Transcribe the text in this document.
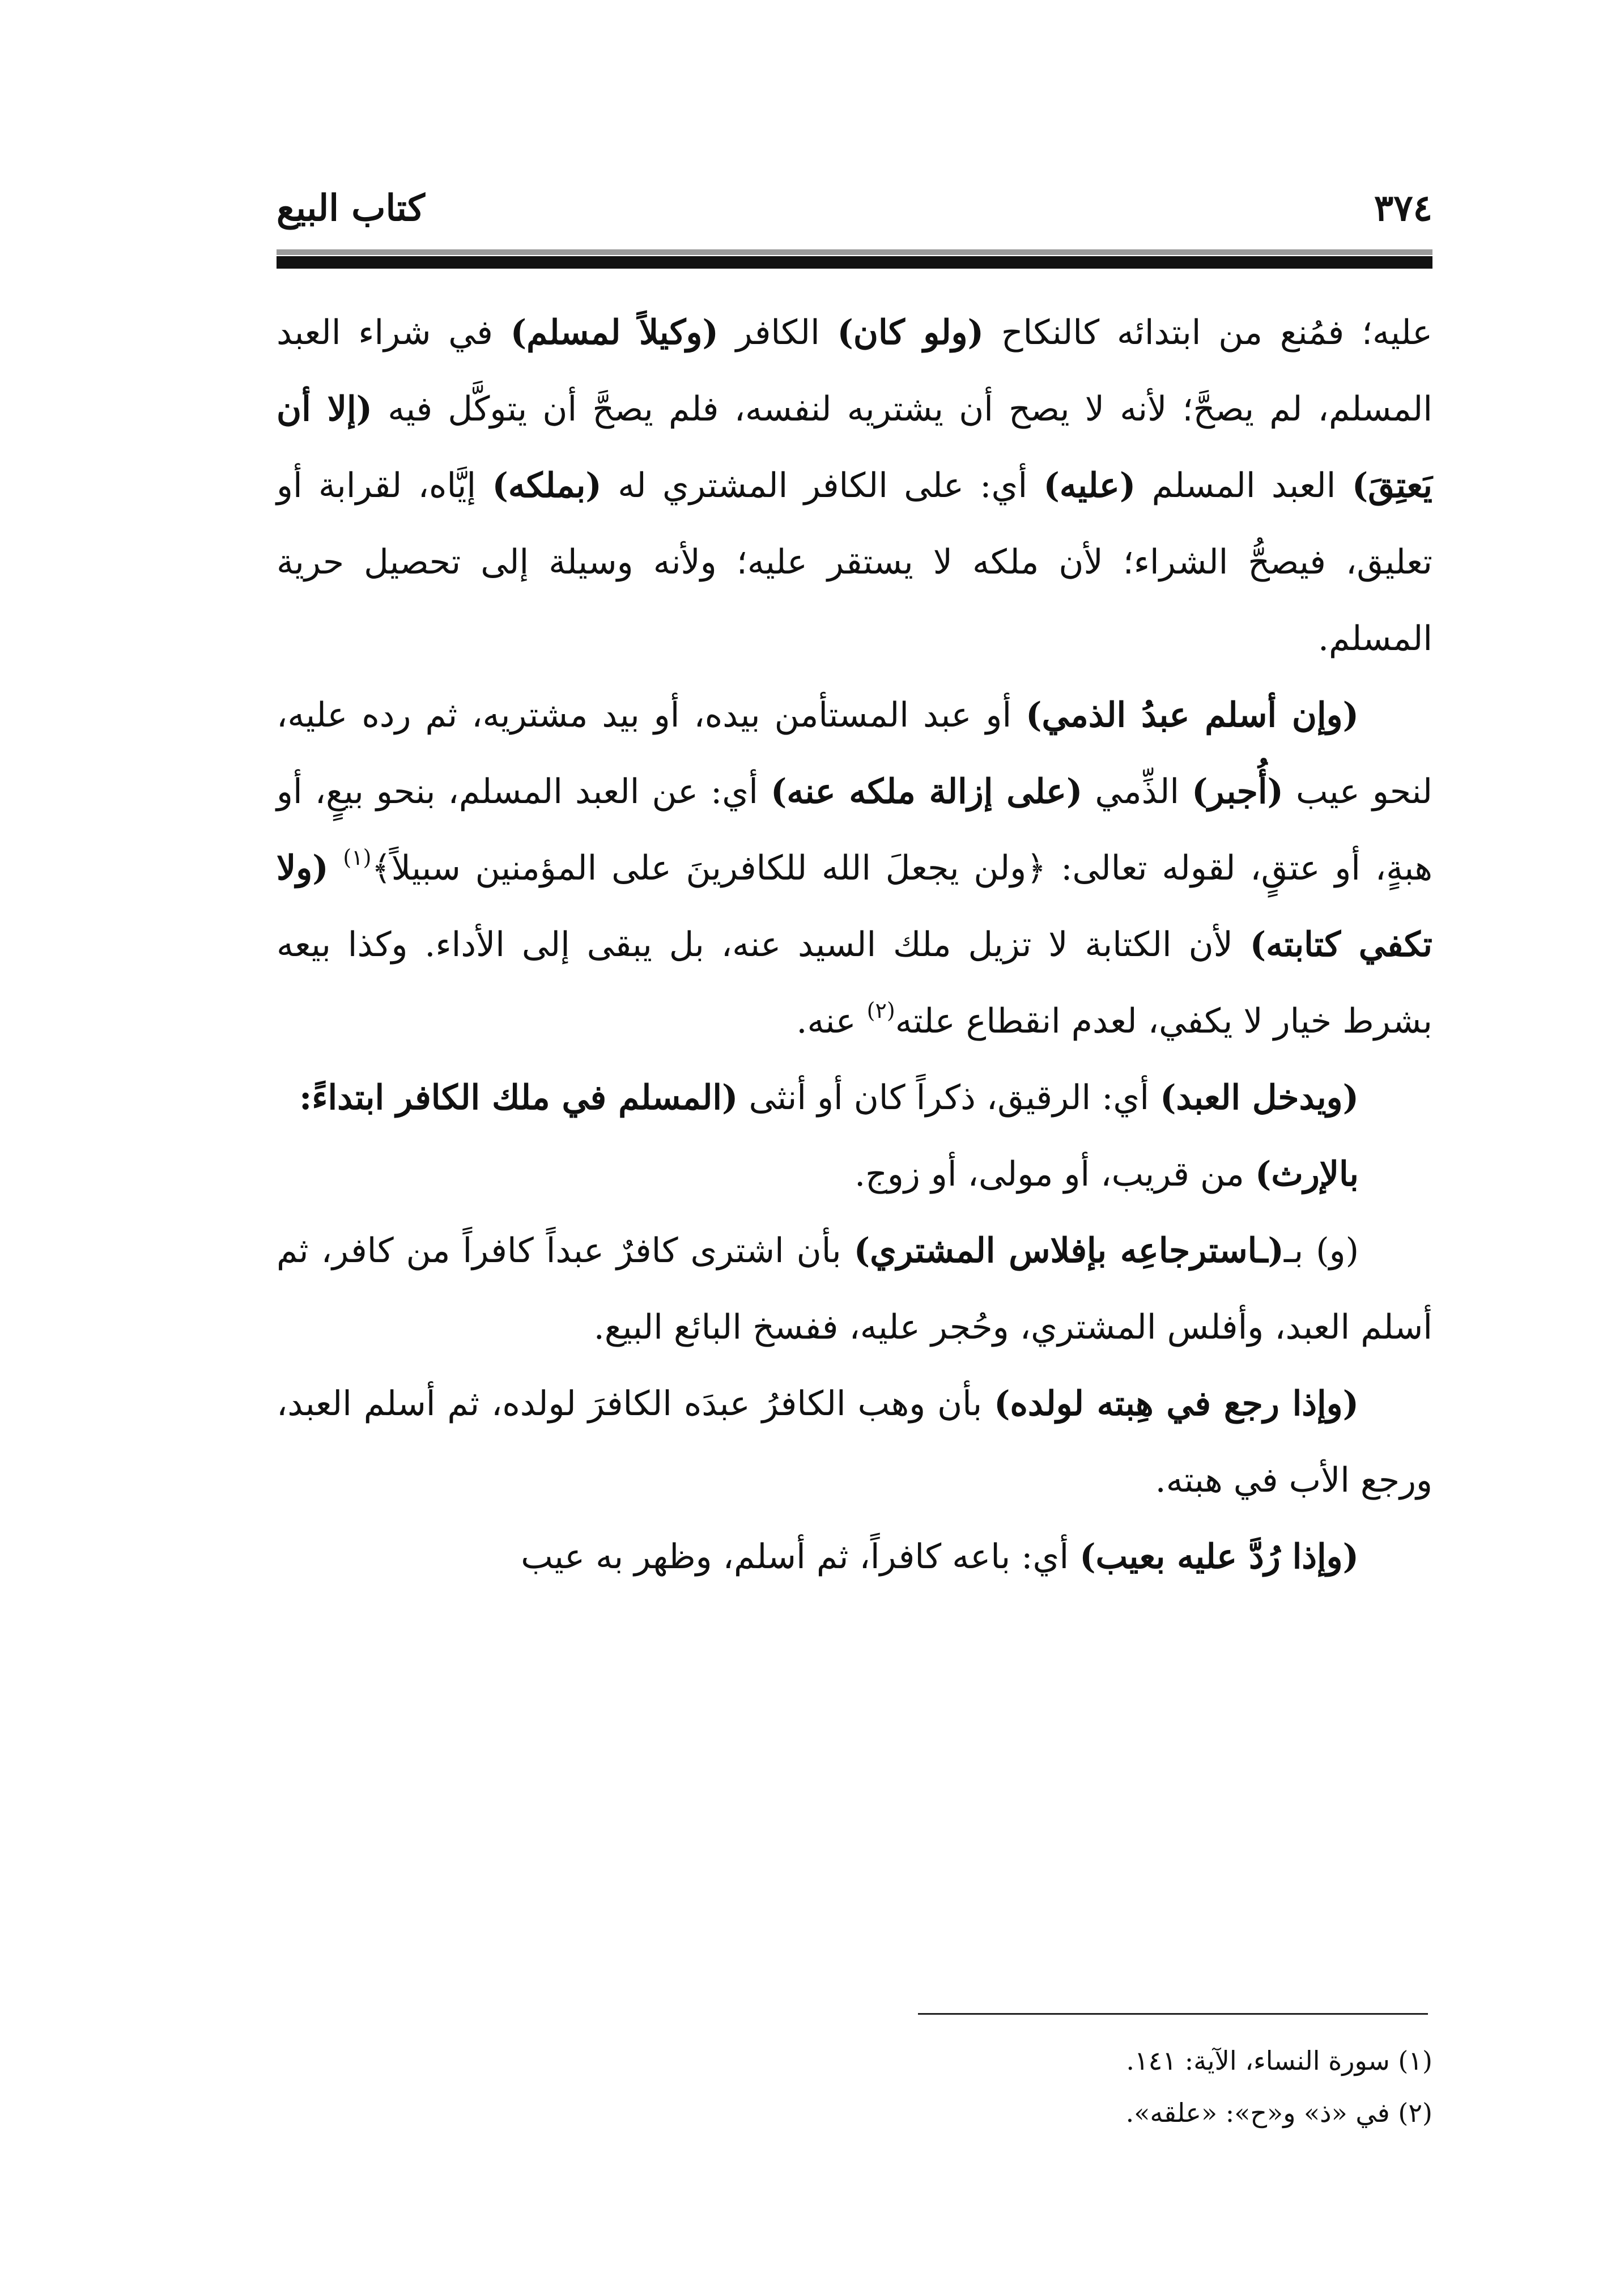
كتاب البيع	٣٧٤

عليه؛ فمُنع من ابتدائه كالنكاح (ولو كان) الكافر (وكيلاً لمسلم) في شراء العبد المسلم، لم يصحَّ؛ لأنه لا يصح أن يشتريه لنفسه، فلم يصحَّ أن يتوكَّل فيه (إلا أن يَعتِقَ) العبد المسلم (عليه) أي: على الكافر المشتري له (بملكه) إيَّاه، لقرابة أو تعليق، فيصحُّ الشراء؛ لأن ملكه لا يستقر عليه؛ ولأنه وسيلة إلى تحصيل حرية المسلم.

(وإن أسلم عبدُ الذمي) أو عبد المستأمن بيده، أو بيد مشتريه، ثم رده عليه، لنحو عيب (أُجبر) الذِّمي (على إزالة ملكه عنه) أي: عن العبد المسلم، بنحو بيعٍ، أو هبةٍ، أو عتقٍ، لقوله تعالى: ﴿ولن يجعلَ الله للكافرينَ على المؤمنين سبيلاً﴾$^{(١)}$ (ولا تكفي كتابته) لأن الكتابة لا تزيل ملك السيد عنه، بل يبقى إلى الأداء. وكذا بيعه بشرط خيار لا يكفي، لعدم انقطاع علته$^{(٢)}$ عنه.

(ويدخل العبد) أي: الرقيق، ذكراً كان أو أنثى (المسلم في ملك الكافر ابتداءً:

بالإرث) من قريب، أو مولى، أو زوج.

(و) بـ(ـاسترجاعِه بإفلاس المشتري) بأن اشترى كافرٌ عبداً كافراً من كافر، ثم أسلم العبد، وأفلس المشتري، وحُجر عليه، ففسخ البائع البيع.

(وإذا رجع في هِبته لولده) بأن وهب الكافرُ عبدَه الكافرَ لولده، ثم أسلم العبد، ورجع الأب في هبته.

(وإذا رُدَّ عليه بعيب) أي: باعه كافراً، ثم أسلم، وظهر به عيب

(١) سورة النساء، الآية: ١٤١.

(٢) في «ذ» و«ح»: «علقه».
